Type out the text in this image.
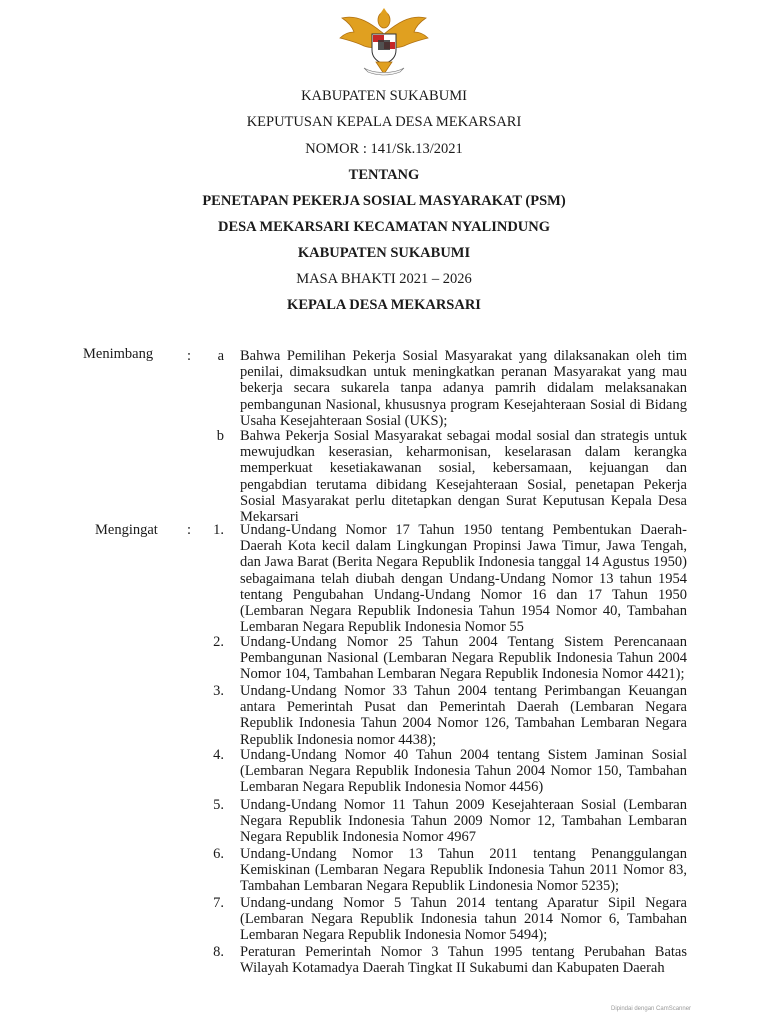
KABUPATEN SUKABUMI
KEPUTUSAN KEPALA DESA MEKARSARI
NOMOR : 141/Sk.13/2021
TENTANG
PENETAPAN PEKERJA SOSIAL MASYARAKAT (PSM)
DESA MEKARSARI KECAMATAN NYALINDUNG
KABUPATEN SUKABUMI
MASA BHAKTI 2021 – 2026
KEPALA DESA MEKARSARI
Menimbang :	a Bahwa Pemilihan Pekerja Sosial Masyarakat yang dilaksanakan oleh tim penilai, dimaksudkan untuk meningkatkan peranan Masyarakat yang mau bekerja secara sukarela tanpa adanya pamrih didalam melaksanakan pembangunan Nasional, khususnya program Kesejahteraan Sosial di Bidang Usaha Kesejahteraan Sosial (UKS);
b Bahwa Pekerja Sosial Masyarakat sebagai modal sosial dan strategis untuk mewujudkan keserasian, keharmonisan, keselarasan dalam kerangka memperkuat kesetiakawanan sosial, kebersamaan, kejuangan dan pengabdian terutama dibidang Kesejahteraan Sosial, penetapan Pekerja Sosial Masyarakat perlu ditetapkan dengan Surat Keputusan Kepala Desa Mekarsari
Mengingat :	1. Undang-Undang Nomor 17 Tahun 1950 tentang Pembentukan Daerah-Daerah Kota kecil dalam Lingkungan Propinsi Jawa Timur, Jawa Tengah, dan Jawa Barat (Berita Negara Republik Indonesia tanggal 14 Agustus 1950) sebagaimana telah diubah dengan Undang-Undang Nomor 13 tahun 1954 tentang Pengubahan Undang-Undang Nomor 16 dan 17 Tahun 1950 (Lembaran Negara Republik Indonesia Tahun 1954 Nomor 40, Tambahan Lembaran Negara Republik Indonesia Nomor 55
2. Undang-Undang Nomor 25 Tahun 2004 Tentang Sistem Perencanaan Pembangunan Nasional (Lembaran Negara Republik Indonesia Tahun 2004 Nomor 104, Tambahan Lembaran Negara Republik Indonesia Nomor 4421);
3. Undang-Undang Nomor 33 Tahun 2004 tentang Perimbangan Keuangan antara Pemerintah Pusat dan Pemerintah Daerah (Lembaran Negara Republik Indonesia Tahun 2004 Nomor 126, Tambahan Lembaran Negara Republik Indonesia nomor 4438);
4. Undang-Undang Nomor 40 Tahun 2004 tentang Sistem Jaminan Sosial (Lembaran Negara Republik Indonesia Tahun 2004 Nomor 150, Tambahan Lembaran Negara Republik Indonesia Nomor 4456)
5. Undang-Undang Nomor 11 Tahun 2009 Kesejahteraan Sosial (Lembaran Negara Republik Indonesia Tahun 2009 Nomor 12, Tambahan Lembaran Negara Republik Indonesia Nomor 4967
6. Undang-Undang Nomor 13 Tahun 2011 tentang Penanggulangan Kemiskinan (Lembaran Negara Republik Indonesia Tahun 2011 Nomor 83, Tambahan Lembaran Negara Republik Lindonesia Nomor 5235);
7. Undang-undang Nomor 5 Tahun 2014 tentang Aparatur Sipil Negara (Lembaran Negara Republik Indonesia tahun 2014 Nomor 6, Tambahan Lembaran Negara Republik Indonesia Nomor 5494);
8. Peraturan Pemerintah Nomor 3 Tahun 1995 tentang Perubahan Batas Wilayah Kotamadya Daerah Tingkat II Sukabumi dan Kabupaten Daerah
Dipindai dengan CamScanner
